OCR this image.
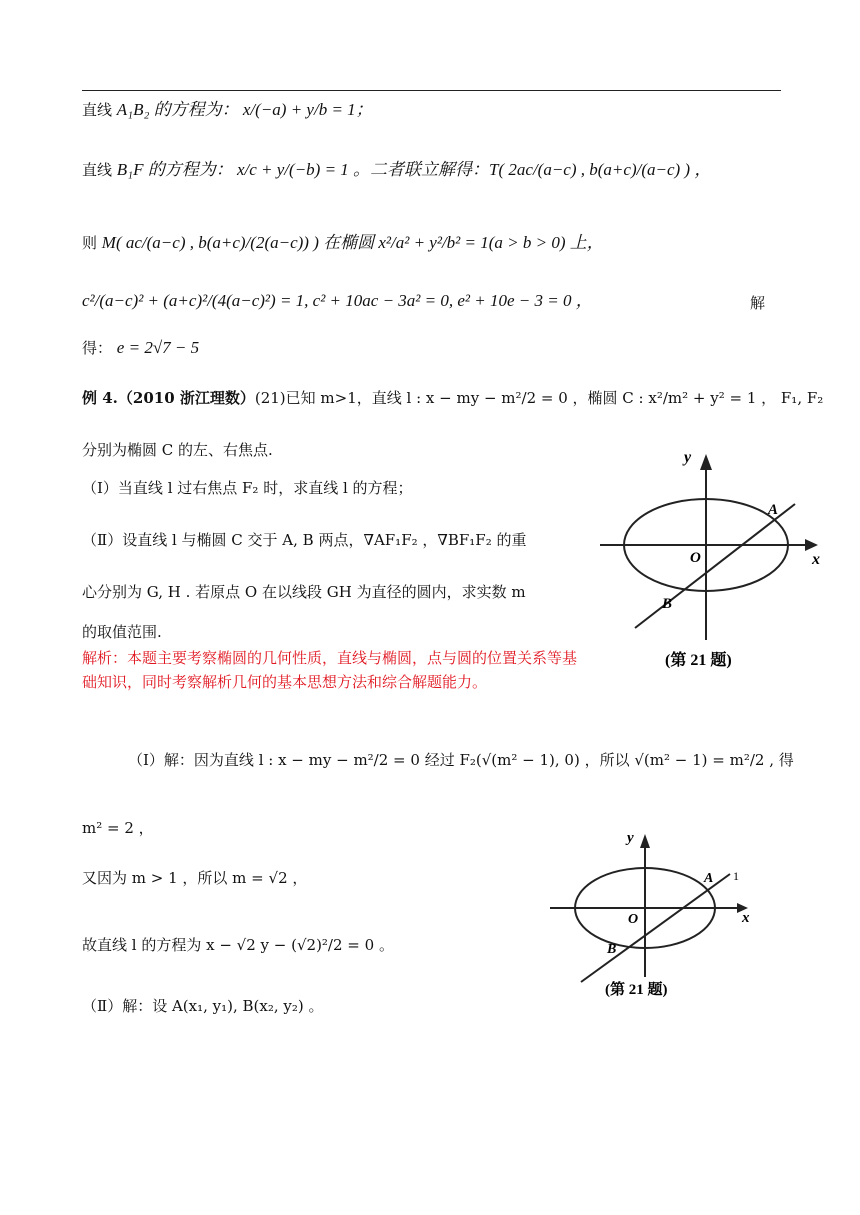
直线 A₁B₂ 的方程为： x/(−a) + y/b = 1；
直线 B₁F 的方程为： x/c + y/(−b) = 1 。二者联立解得：T( 2ac/(a−c) , b(a+c)/(a−c) ) ，
则 M( ac/(a−c) , b(a+c)/(2(a−c)) ) 在椭圆 x²/a² + y²/b² = 1(a > b > 0) 上，
c²/(a−c)² + (a+c)²/(4(a−c)²) = 1, c² + 10ac − 3a² = 0, e² + 10e − 3 = 0 ，	解
得： e = 2√7 − 5
例 4.（2010 浙江理数）(21)已知 m>1，直线 l : x − my − m²/2 = 0 ，椭圆 C : x²/m² + y² = 1 ， F₁, F₂
分别为椭圆 C 的左、右焦点.
（Ⅰ）当直线 l 过右焦点 F₂ 时，求直线 l 的方程；
（Ⅱ）设直线 l 与椭圆 C 交于 A, B 两点，∇AF₁F₂ ，∇BF₁F₂ 的重
心分别为 G, H . 若原点 O 在以线段 GH 为直径的圆内，求实数 m
的取值范围.
解析：本题主要考察椭圆的几何性质，直线与椭圆，点与圆的位置关系等基础知识，同时考察解析几何的基本思想方法和综合解题能力。
（Ⅰ）解：因为直线 l : x − my − m²/2 = 0 经过 F₂(√(m² − 1), 0) ，所以 √(m² − 1) = m²/2 , 得
m² = 2 ，
又因为 m > 1 ，所以 m = √2 ，
故直线 l 的方程为 x − √2 y − (√2)²/2 = 0 。
（Ⅱ）解：设 A(x₁, y₁), B(x₂, y₂) 。
y
x
O
A
B
(第 21 题)
y
x
O
A 1
B
(第 21 题)
